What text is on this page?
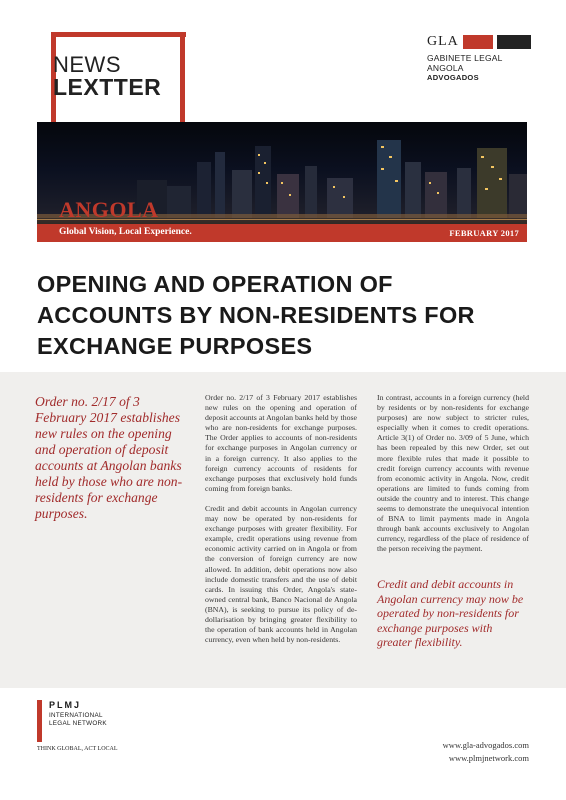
NEWS
LEXTTER
GLA
GABINETE LEGAL ANGOLA
ADVOGADOS
ANGOLA
Global Vision, Local Experience.	FEBRUARY 2017
OPENING AND OPERATION OF ACCOUNTS BY NON-RESIDENTS FOR EXCHANGE PURPOSES
Order no. 2/17 of 3 February 2017 establishes new rules on the opening and operation of deposit accounts at Angolan banks held by those who are non-residents for exchange purposes.

Order no. 2/17 of 3 February 2017 establishes new rules on the opening and operation of deposit accounts at Angolan banks held by those who are non-residents for exchange purposes. The Order applies to accounts of non-residents for exchange purposes in Angolan currency or in a foreign currency. It also applies to the foreign currency accounts of residents for exchange purposes that exclusively hold funds coming from foreign banks.

Credit and debit accounts in Angolan currency may now be operated by non-residents for exchange purposes with greater flexibility. For example, credit operations using revenue from economic activity carried on in Angola or from the conversion of foreign currency are now allowed. In addition, debit operations now also include domestic transfers and the use of debit cards. In issuing this Order, Angola's state-owned central bank, Banco Nacional de Angola (BNA), is seeking to pursue its policy of de- dollarisation by bringing greater flexibility to the operation of bank accounts held in Angolan currency, even when held by non-residents.

In contrast, accounts in a foreign currency (held by residents or by non-residents for exchange purposes) are now subject to stricter rules, especially when it comes to credit operations. Article 3(1) of Order no. 3/09 of 5 June, which has been repealed by this new Order, set out more flexible rules that made it possible to credit foreign currency accounts with revenue from economic activity in Angola. Now, credit operations are limited to funds coming from outside the country and to interest. This change seems to demonstrate the unequivocal intention of BNA to limit payments made in Angola through bank accounts exclusively to Angolan currency, regardless of the place of residence of the person receiving the payment.

Credit and debit accounts in Angolan currency may now be operated by non-residents for exchange purposes with greater flexibility.
PLMJ
INTERNATIONAL
LEGAL NETWORK
THINK GLOBAL, ACT LOCAL	www.gla-advogados.com
www.plmjnetwork.com
